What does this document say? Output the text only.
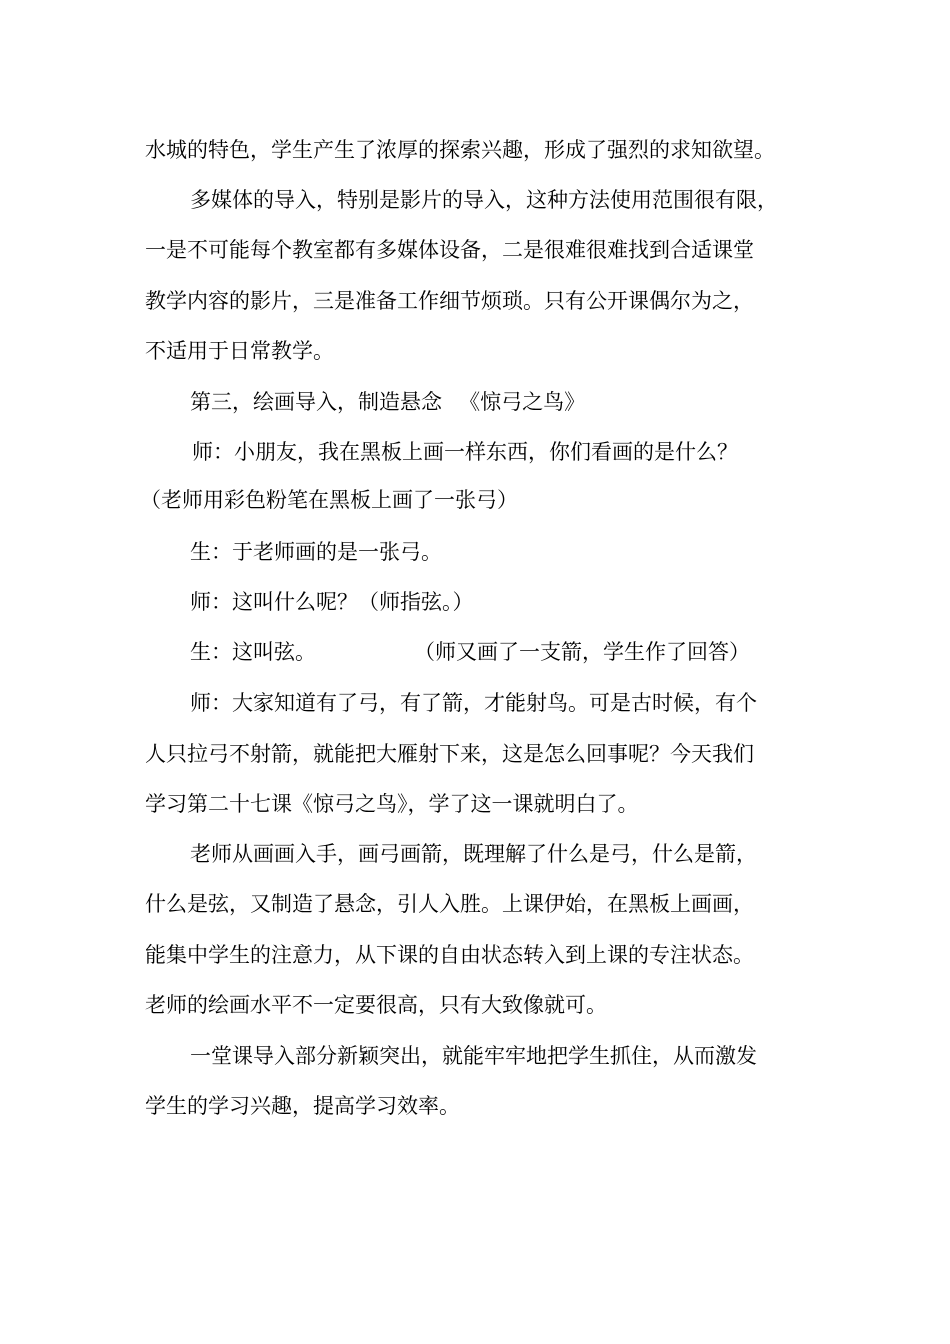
水城的特色，学生产生了浓厚的探索兴趣，形成了强烈的求知欲望。
多媒体的导入，特别是影片的导入，这种方法使用范围很有限，
一是不可能每个教室都有多媒体设备，二是很难很难找到合适课堂
教学内容的影片，三是准备工作细节烦琐。只有公开课偶尔为之，
不适用于日常教学。
第三，绘画导入，制造悬念 　《惊弓之鸟》
师：小朋友，我在黑板上画一样东西，你们看画的是什么？
（老师用彩色粉笔在黑板上画了一张弓）
生：于老师画的是一张弓。
师：这叫什么呢？（师指弦。）
生：这叫弦。	（师又画了一支箭，学生作了回答）
师：大家知道有了弓，有了箭，才能射鸟。可是古时候，有个
人只拉弓不射箭，就能把大雁射下来，这是怎么回事呢？今天我们
学习第二十七课《惊弓之鸟》，学了这一课就明白了。
老师从画画入手，画弓画箭，既理解了什么是弓，什么是箭，
什么是弦，又制造了悬念，引人入胜。上课伊始，在黑板上画画，
能集中学生的注意力，从下课的自由状态转入到上课的专注状态。
老师的绘画水平不一定要很高，只有大致像就可。
一堂课导入部分新颖突出，就能牢牢地把学生抓住，从而激发
学生的学习兴趣，提高学习效率。
